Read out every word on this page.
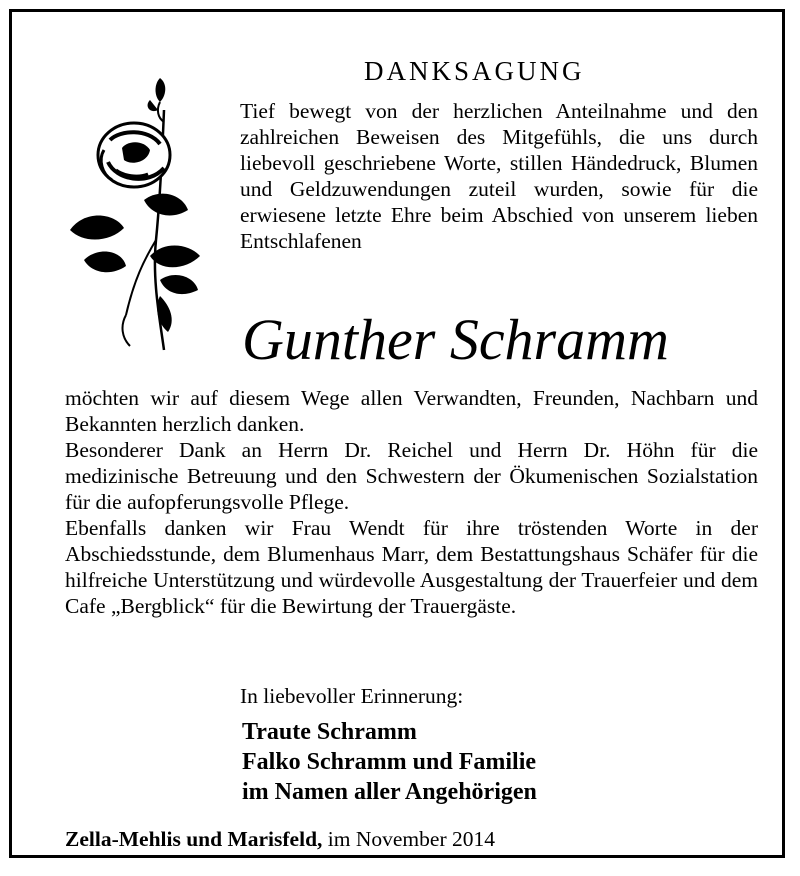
DANKSAGUNG
Tief bewegt von der herzlichen Anteilnahme und den zahlreichen Beweisen des Mitgefühls, die uns durch liebevoll geschriebene Worte, stillen Händedruck, Blumen und Geldzuwendungen zuteil wurden, sowie für die erwiesene letzte Ehre beim Abschied von unserem lieben Entschlafenen
Gunther Schramm

möchten wir auf diesem Wege allen Verwandten, Freunden, Nachbarn und Bekannten herzlich danken.

Besonderer Dank an Herrn Dr. Reichel und Herrn Dr. Höhn für die medizinische Betreuung und den Schwestern der Ökumenischen Sozialstation für die aufopferungsvolle Pflege.

Ebenfalls danken wir Frau Wendt für ihre tröstenden Worte in der Abschiedsstunde, dem Blumenhaus Marr, dem Bestattungshaus Schäfer für die hilfreiche Unterstützung und würdevolle Ausgestaltung der Trauerfeier und dem Cafe „Bergblick“ für die Bewirtung der Trauergäste.

In liebevoller Erinnerung:
Traute Schramm
Falko Schramm und Familie
im Namen aller Angehörigen
Zella-Mehlis und Marisfeld, im November 2014
